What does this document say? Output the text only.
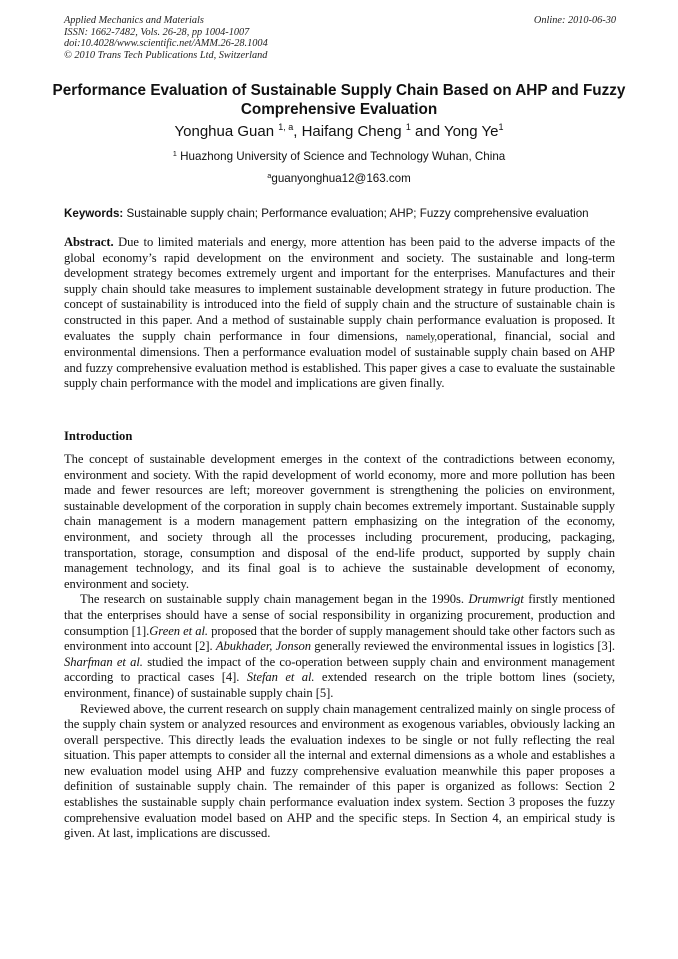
Applied Mechanics and Materials
ISSN: 1662-7482, Vols. 26-28, pp 1004-1007
doi:10.4028/www.scientific.net/AMM.26-28.1004
© 2010 Trans Tech Publications Ltd, Switzerland
Online: 2010-06-30
Performance Evaluation of Sustainable Supply Chain Based on AHP and Fuzzy Comprehensive Evaluation
Yonghua Guan $^{1, a}$, Haifang Cheng $^1$ and Yong Ye$^1$
$^1$ Huazhong University of Science and Technology Wuhan, China
$^a$guanyonghua12@163.com
Keywords: Sustainable supply chain; Performance evaluation; AHP; Fuzzy comprehensive evaluation
Abstract. Due to limited materials and energy, more attention has been paid to the adverse impacts of the global economy’s rapid development on the environment and society. The sustainable and long-term development strategy becomes extremely urgent and important for the enterprises. Manufactures and their supply chain should take measures to implement sustainable development strategy in future production. The concept of sustainability is introduced into the field of supply chain and the structure of sustainable chain is constructed in this paper. And a method of sustainable supply chain performance evaluation is proposed. It evaluates the supply chain performance in four dimensions, namely,operational, financial, social and environmental dimensions. Then a performance evaluation model of sustainable supply chain based on AHP and fuzzy comprehensive evaluation method is established. This paper gives a case to evaluate the sustainable supply chain performance with the model and implications are given finally.
Introduction

The concept of sustainable development emerges in the context of the contradictions between economy, environment and society. With the rapid development of world economy, more and more pollution has been made and fewer resources are left; moreover government is strengthening the policies on environment, sustainable development of the corporation in supply chain becomes extremely important. Sustainable supply chain management is a modern management pattern emphasizing on the integration of the economy, environment, and society through all the processes including procurement, producing, packaging, transportation, storage, consumption and disposal of the end-life product, supported by supply chain management technology, and its final goal is to achieve the sustainable development of economy, environment and society.

The research on sustainable supply chain management began in the 1990s. Drumwrigt firstly mentioned that the enterprises should have a sense of social responsibility in organizing procurement, production and consumption [1].Green et al. proposed that the border of supply management should take other factors such as environment into account [2]. Abukhader, Jonson generally reviewed the environmental issues in logistics [3]. Sharfman et al. studied the impact of the co-operation between supply chain and environment management according to practical cases [4]. Stefan et al. extended research on the triple bottom lines (society, environment, finance) of sustainable supply chain [5].

Reviewed above, the current research on supply chain management centralized mainly on single process of the supply chain system or analyzed resources and environment as exogenous variables, obviously lacking an overall perspective. This directly leads the evaluation indexes to be single or not fully reflecting the real situation. This paper attempts to consider all the internal and external dimensions as a whole and establishes a new evaluation model using AHP and fuzzy comprehensive evaluation meanwhile this paper proposes a definition of sustainable supply chain. The remainder of this paper is organized as follows: Section 2 establishes the sustainable supply chain performance evaluation index system. Section 3 proposes the fuzzy comprehensive evaluation model based on AHP and the specific steps. In Section 4, an empirical study is given. At last, implications are discussed.
